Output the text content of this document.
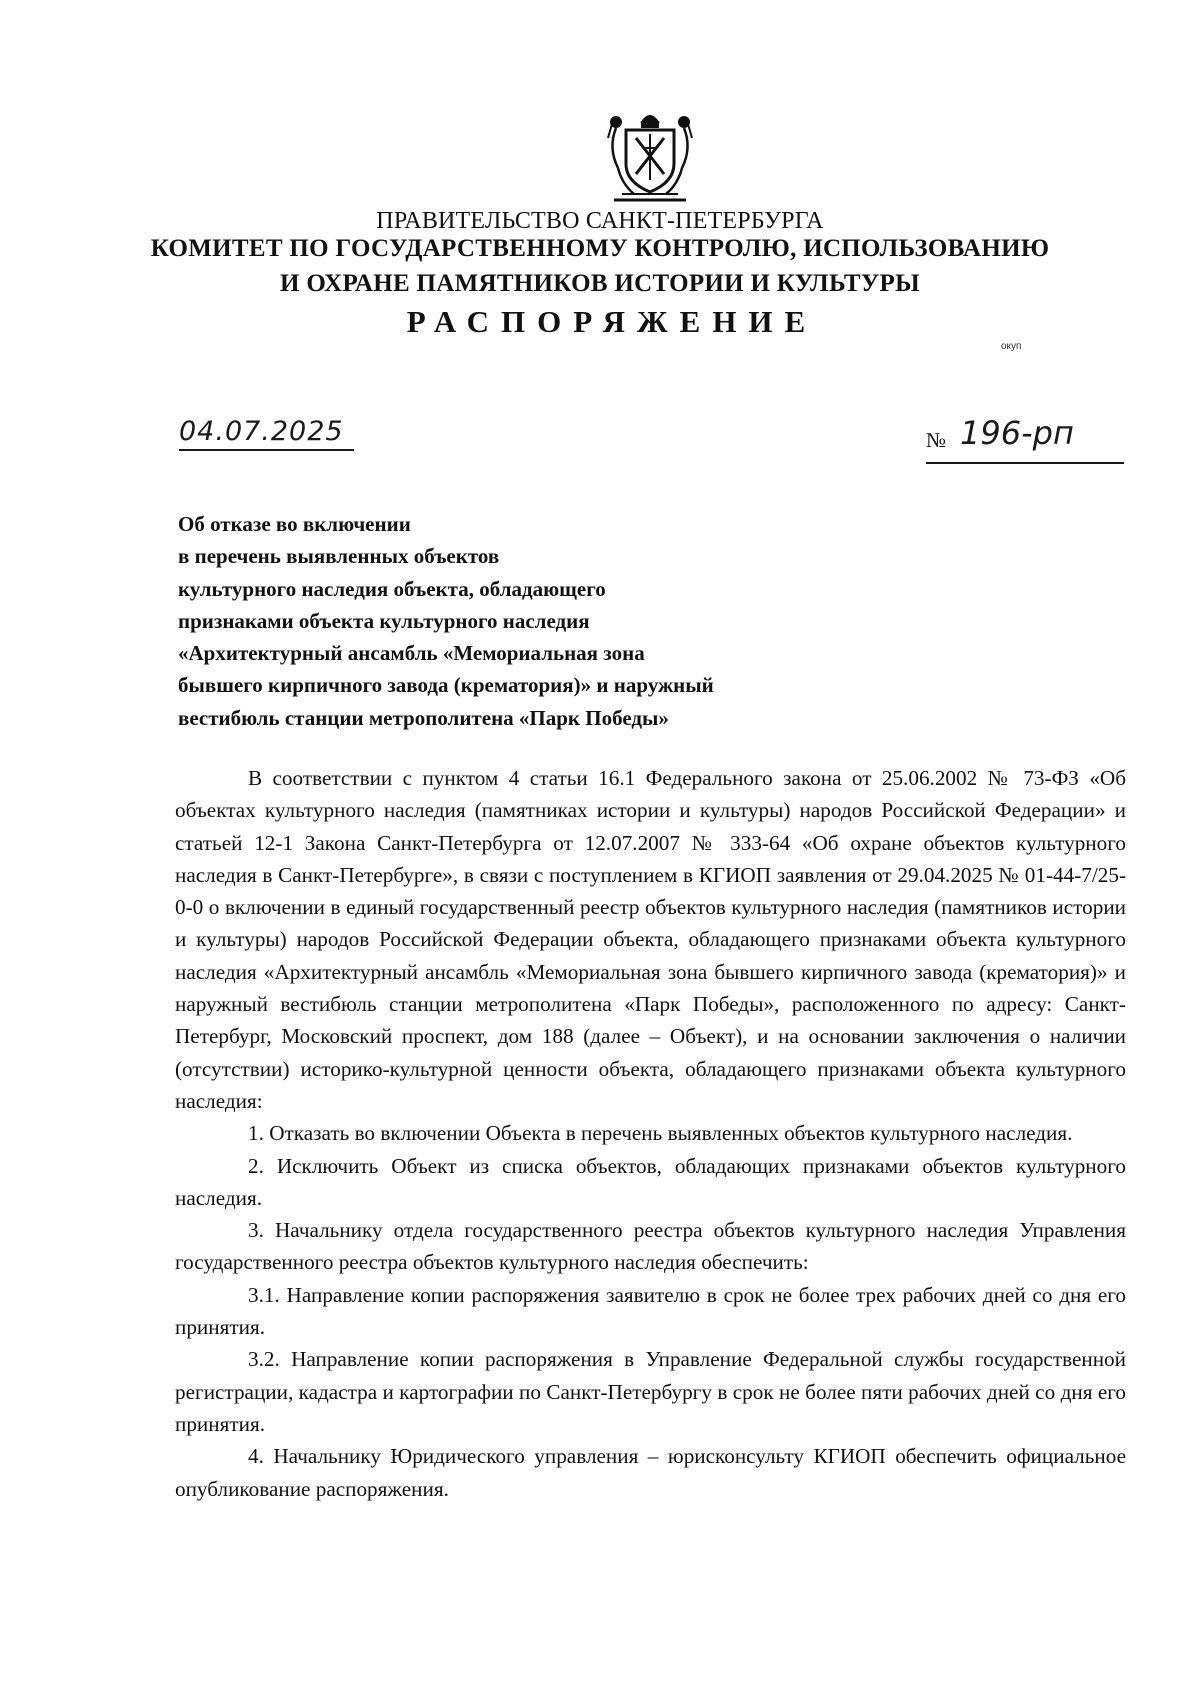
ПРАВИТЕЛЬСТВО САНКТ-ПЕТЕРБУРГА
КОМИТЕТ ПО ГОСУДАРСТВЕННОМУ КОНТРОЛЮ, ИСПОЛЬЗОВАНИЮ
И ОХРАНЕ ПАМЯТНИКОВ ИСТОРИИ И КУЛЬТУРЫ
РАСПОРЯЖЕНИЕ
окуп
04.07.2025	№ 196-рп
Об отказе во включении
в перечень выявленных объектов
культурного наследия объекта, обладающего
признаками объекта культурного наследия
«Архитектурный ансамбль «Мемориальная зона
бывшего кирпичного завода (крематория)» и наружный
вестибюль станции метрополитена «Парк Победы»

В соответствии с пунктом 4 статьи 16.1 Федерального закона от 25.06.2002 № 73-ФЗ «Об объектах культурного наследия (памятниках истории и культуры) народов Российской Федерации» и статьей 12-1 Закона Санкт-Петербурга от 12.07.2007 № 333-64 «Об охране объектов культурного наследия в Санкт-Петербурге», в связи с поступлением в КГИОП заявления от 29.04.2025 № 01-44-7/25-0-0 о включении в единый государственный реестр объектов культурного наследия (памятников истории и культуры) народов Российской Федерации объекта, обладающего признаками объекта культурного наследия «Архитектурный ансамбль «Мемориальная зона бывшего кирпичного завода (крематория)» и наружный вестибюль станции метрополитена «Парк Победы», расположенного по адресу: Санкт-Петербург, Московский проспект, дом 188 (далее – Объект), и на основании заключения о наличии (отсутствии) историко-культурной ценности объекта, обладающего признаками объекта культурного наследия:

1. Отказать во включении Объекта в перечень выявленных объектов культурного наследия.

2. Исключить Объект из списка объектов, обладающих признаками объектов культурного наследия.

3. Начальнику отдела государственного реестра объектов культурного наследия Управления государственного реестра объектов культурного наследия обеспечить:

3.1. Направление копии распоряжения заявителю в срок не более трех рабочих дней со дня его принятия.

3.2. Направление копии распоряжения в Управление Федеральной службы государственной регистрации, кадастра и картографии по Санкт-Петербургу в срок не более пяти рабочих дней со дня его принятия.

4. Начальнику Юридического управления – юрисконсульту КГИОП обеспечить официальное опубликование распоряжения.
